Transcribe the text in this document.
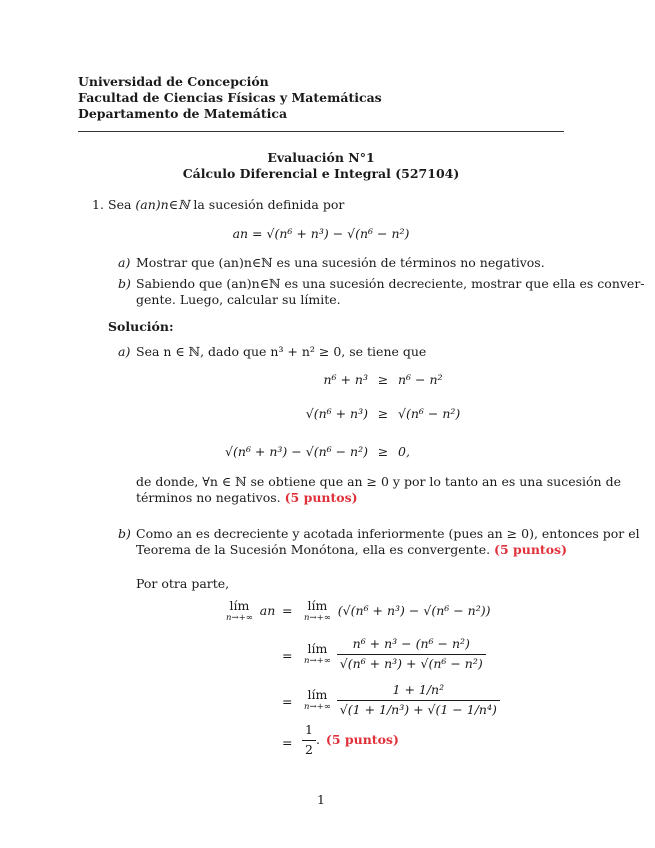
Universidad de Concepción
Facultad de Ciencias Físicas y Matemáticas
Departamento de Matemática
Evaluación N°1
Cálculo Diferencial e Integral (527104)
1. Sea (an)n∈ℕ la sucesión definida por
an = √(n⁶ + n³) − √(n⁶ − n²)
a) Mostrar que (an)n∈ℕ es una sucesión de términos no negativos.
b) Sabiendo que (an)n∈ℕ es una sucesión decreciente, mostrar que ella es conver-
gente. Luego, calcular su límite.
Solución:
a) Sea n ∈ ℕ, dado que n³ + n² ≥ 0, se tiene que
n⁶ + n³ ≥ n⁶ − n²
√(n⁶ + n³) ≥ √(n⁶ − n²)
√(n⁶ + n³) − √(n⁶ − n²) ≥ 0,
de donde, ∀n ∈ ℕ se obtiene que an ≥ 0 y por lo tanto an es una sucesión de
términos no negativos. (5 puntos)
b) Como an es decreciente y acotada inferiormente (pues an ≥ 0), entonces por el
Teorema de la Sucesión Monótona, ella es convergente. (5 puntos)
Por otra parte,
lím
n→+∞ an = lím
n→+∞ (√(n⁶ + n³) − √(n⁶ − n²))
= lím
n→+∞
$\frac{\text{n⁶ + n³ − (n⁶ − n²)}}{\text{√(n⁶ + n³) + √(n⁶ − n²)}}$
= lím
n→+∞
$\frac{\text{1 + 1/n²}}{\text{√(1 + 1/n³) + √(1 − 1/n⁴)}}$
= $\frac{1}{2}$ . (5 puntos)
1
